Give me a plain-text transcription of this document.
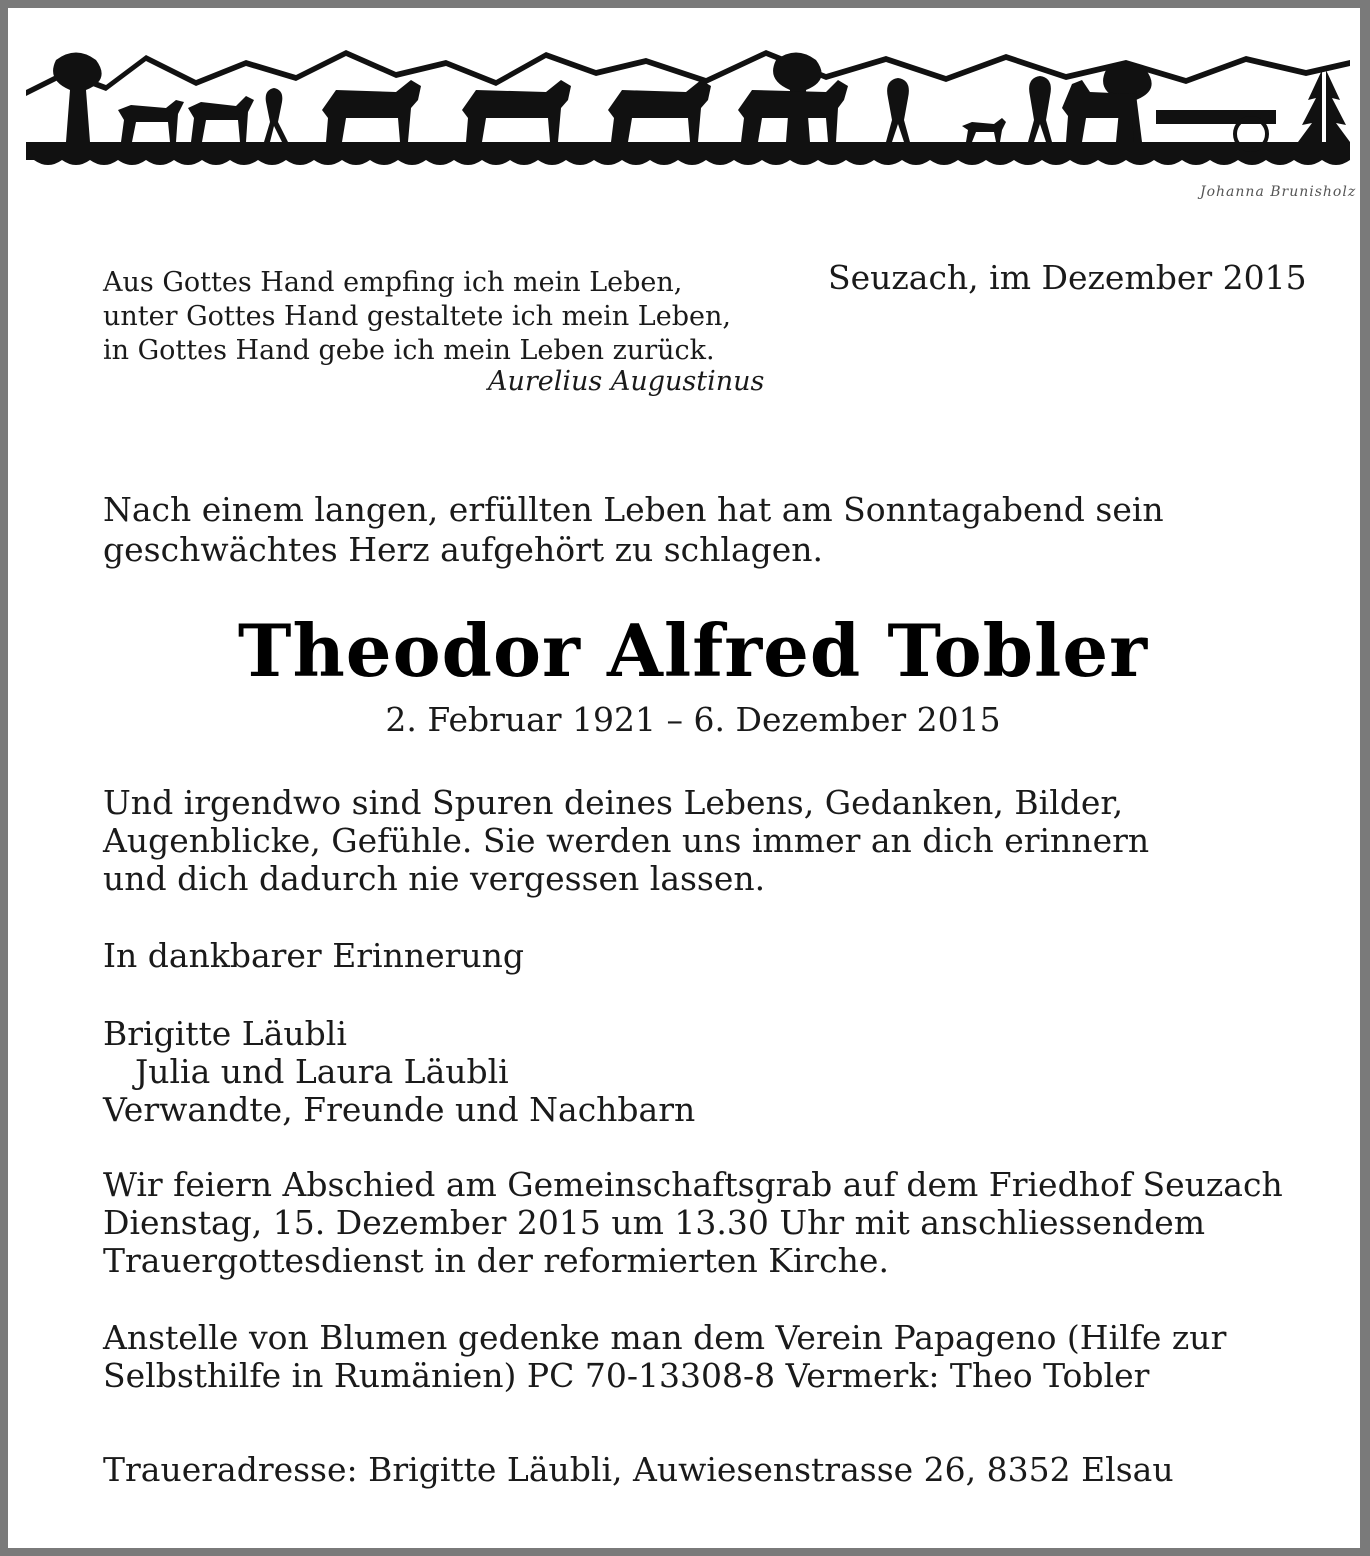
Johanna Brunisholz
Aus Gottes Hand empfing ich mein Leben,
unter Gottes Hand gestaltete ich mein Leben,
in Gottes Hand gebe ich mein Leben zurück.
Aurelius Augustinus
Seuzach, im Dezember 2015
Nach einem langen, erfüllten Leben hat am Sonntagabend sein
geschwächtes Herz aufgehört zu schlagen.
Theodor Alfred Tobler
2. Februar 1921 – 6. Dezember 2015
Und irgendwo sind Spuren deines Lebens, Gedanken, Bilder,
Augenblicke, Gefühle. Sie werden uns immer an dich erinnern
und dich dadurch nie vergessen lassen.
In dankbarer Erinnerung
Brigitte Läubli
Julia und Laura Läubli
Verwandte, Freunde und Nachbarn
Wir feiern Abschied am Gemeinschaftsgrab auf dem Friedhof Seuzach
Dienstag, 15. Dezember 2015 um 13.30 Uhr mit anschliessendem
Trauergottesdienst in der reformierten Kirche.
Anstelle von Blumen gedenke man dem Verein Papageno (Hilfe zur
Selbsthilfe in Rumänien) PC 70-13308-8 Vermerk: Theo Tobler
Traueradresse: Brigitte Läubli, Auwiesenstrasse 26, 8352 Elsau
